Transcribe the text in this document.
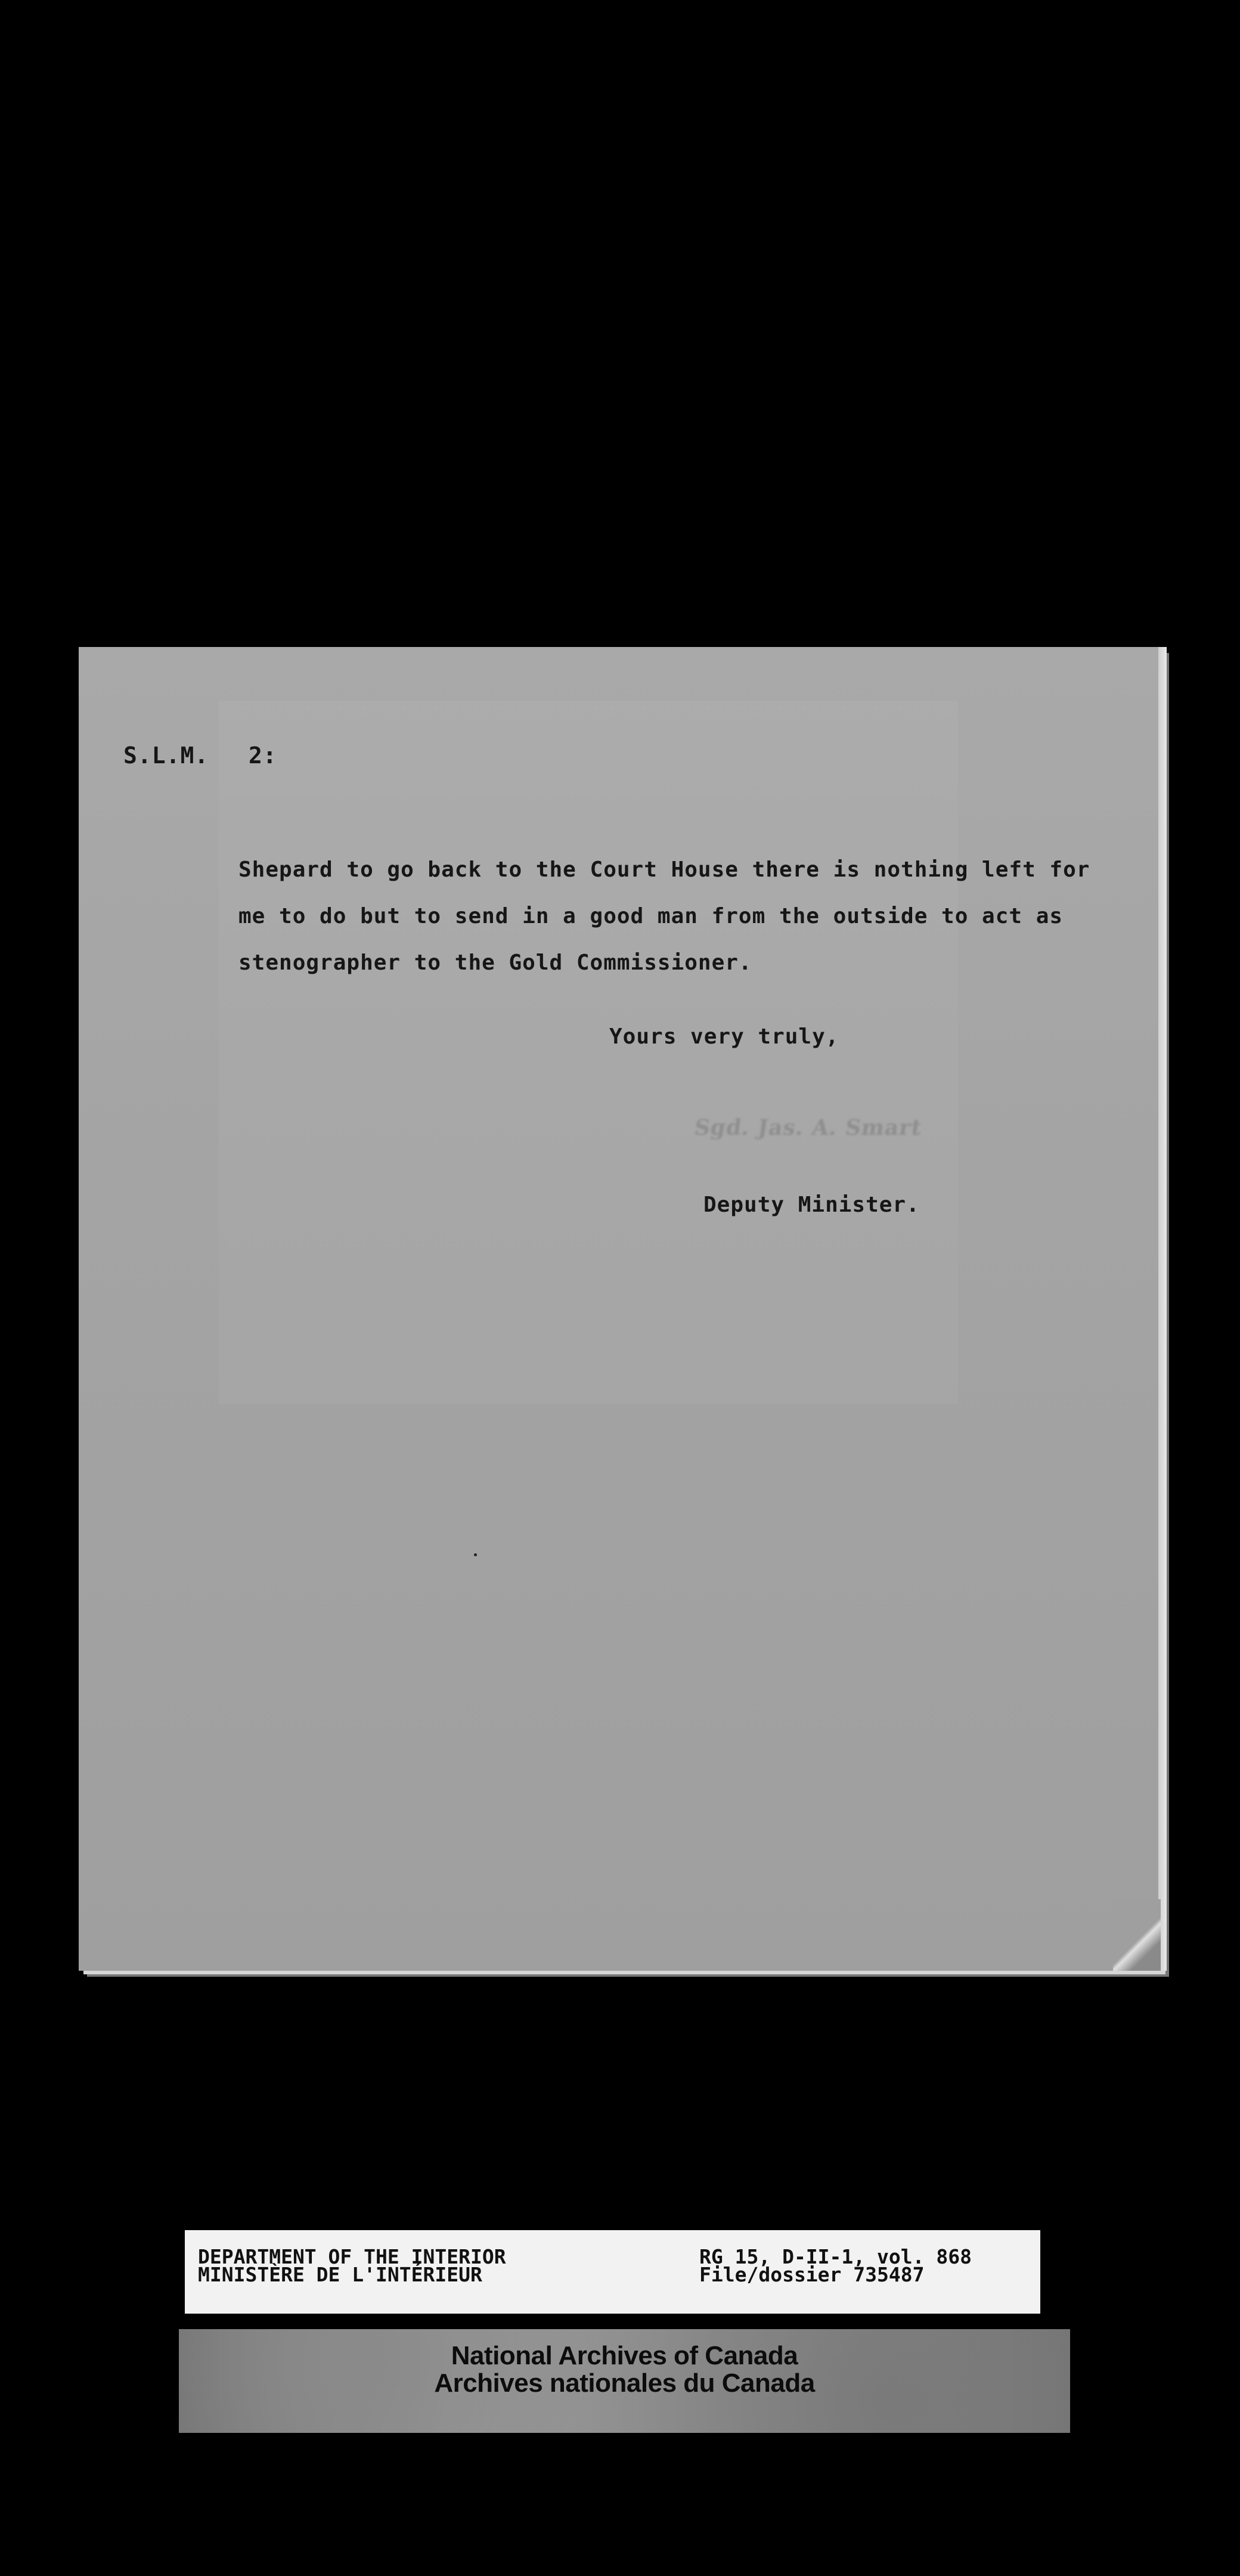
S.L.M. 2:
Shepard to go back to the Court House there is nothing left for
me to do but to send in a good man from the outside to act as
stenographer to the Gold Commissioner.
Yours very truly,
Sgd. Jas. A. Smart
Deputy Minister.
DEPARTMENT OF THE INTERIOR
MINISTÈRE DE L'INTÉRIEUR
RG 15, D-II-1, vol. 868
File/dossier 735487
National Archives of Canada
Archives nationales du Canada
